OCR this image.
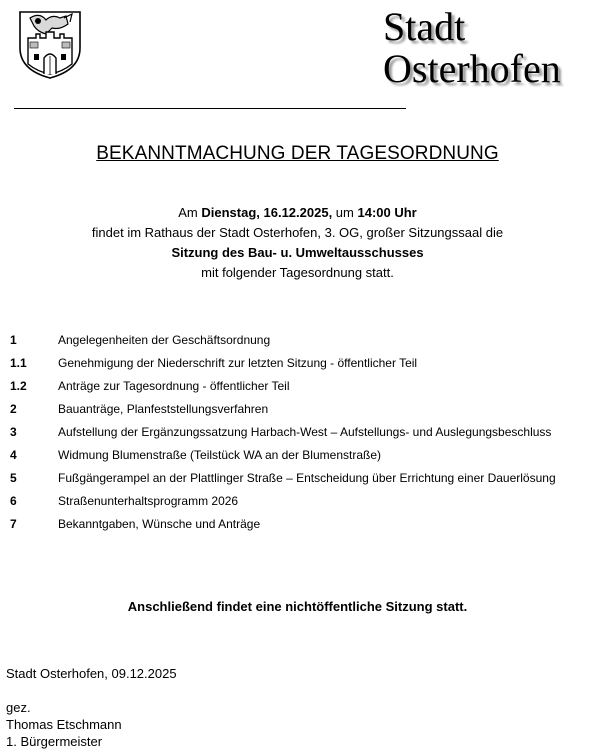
Stadt
Osterhofen
BEKANNTMACHUNG DER TAGESORDNUNG
Am Dienstag, 16.12.2025, um 14:00 Uhr
findet im Rathaus der Stadt Osterhofen, 3. OG, großer Sitzungssaal die
Sitzung des Bau- u. Umweltausschusses
mit folgender Tagesordnung statt.
1	Angelegenheiten der Geschäftsordnung
1.1	Genehmigung der Niederschrift zur letzten Sitzung - öffentlicher Teil
1.2	Anträge zur Tagesordnung - öffentlicher Teil
2	Bauanträge, Planfeststellungsverfahren
3	Aufstellung der Ergänzungssatzung Harbach-West – Aufstellungs- und Auslegungsbeschluss
4	Widmung Blumenstraße (Teilstück WA an der Blumenstraße)
5	Fußgängerampel an der Plattlinger Straße – Entscheidung über Errichtung einer Dauerlösung
6	Straßenunterhaltsprogramm 2026
7	Bekanntgaben, Wünsche und Anträge
Anschließend findet eine nichtöffentliche Sitzung statt.
Stadt Osterhofen, 09.12.2025
gez.
Thomas Etschmann
1. Bürgermeister
